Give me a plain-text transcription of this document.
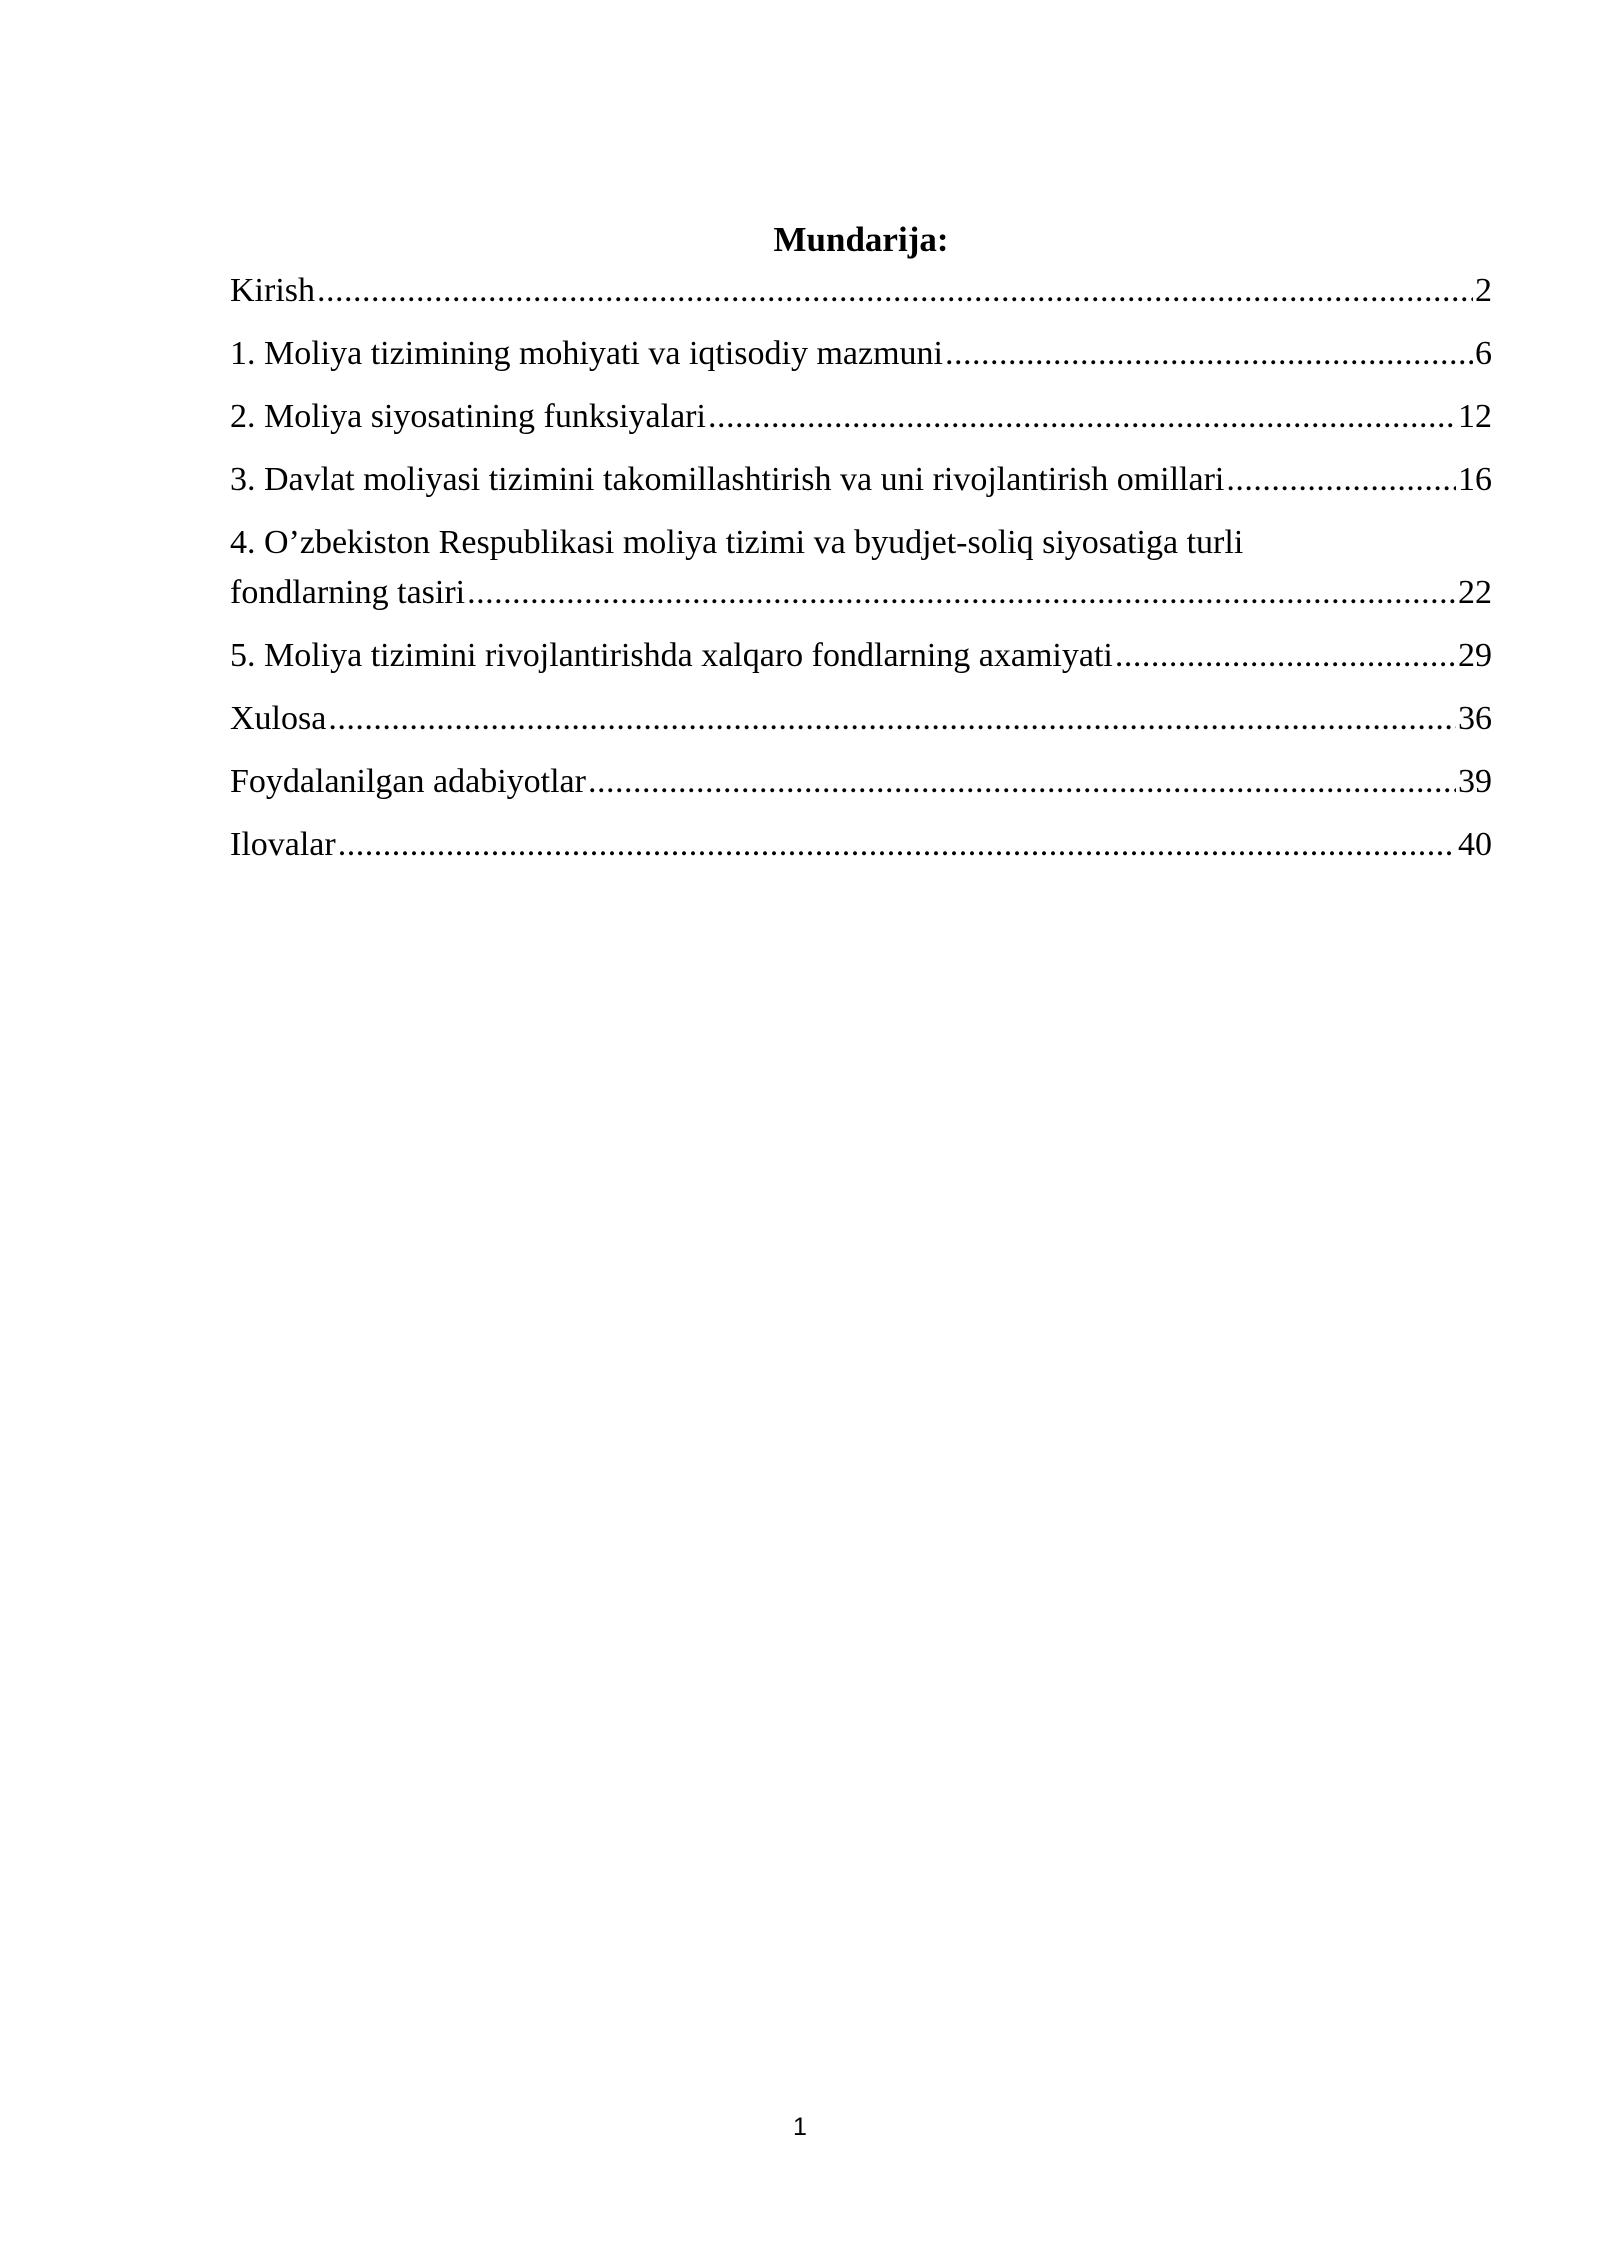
Mundarija:
Kirish .....	2
1. Moliya tizimining mohiyati va iqtisodiy mazmuni .....	6
2. Moliya siyosatining funksiyalari .....	12
3. Davlat moliyasi tizimini takomillashtirish va uni rivojlantirish omillari .....	16
4. O’zbekiston Respublikasi moliya tizimi va byudjet-soliq siyosatiga turli
fondlarning tasiri .....	22
5. Moliya tizimini rivojlantirishda xalqaro fondlarning axamiyati .....	29
Xulosa .....	36
Foydalanilgan adabiyotlar .....	39
Ilovalar .....	40
1
